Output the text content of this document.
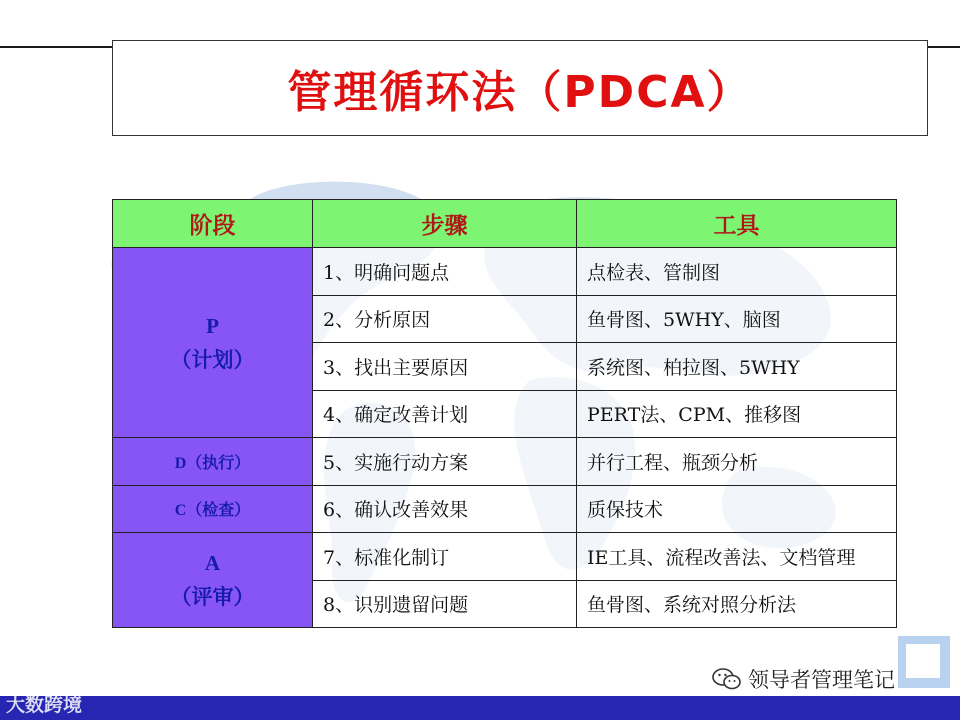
管理循环法（PDCA）
阶段	步骤	工具

P
（计划）	1、明确问题点	点检表、管制图
	2、分析原因	鱼骨图、5WHY、脑图
	3、找出主要原因	系统图、柏拉图、5WHY
	4、确定改善计划	PERT法、CPM、推移图
D（执行）	5、实施行动方案	并行工程、瓶颈分析
C（检查）	6、确认改善效果	质保技术

A
（评审）	7、标准化制订	IE工具、流程改善法、文档管理
	8、识别遗留问题	鱼骨图、系统对照分析法
领导者管理笔记
大数跨境
